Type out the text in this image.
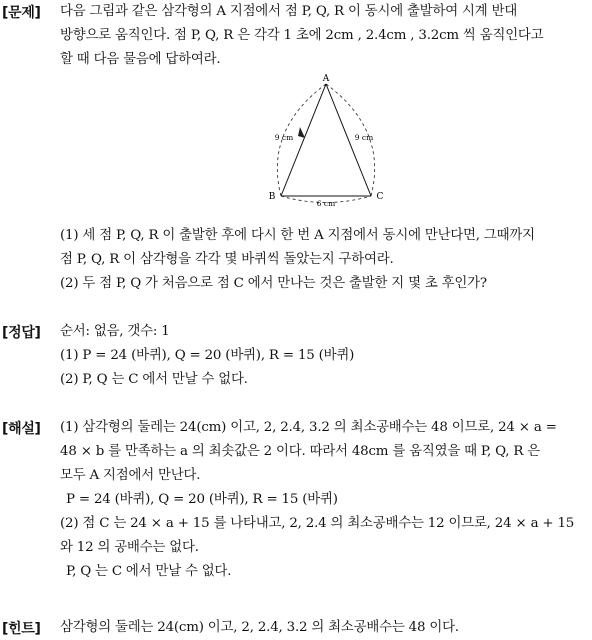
[문제] 다음 그림과 같은 삼각형의 A 지점에서 점 P, Q, R 이 동시에 출발하여 시계 반대
방향으로 움직인다. 점 P, Q, R 은 각각 1 초에 2cm , 2.4cm , 3.2cm 씩 움직인다고
할 때 다음 물음에 답하여라.
A
B	C
9 cm	9 cm
6 cm
(1) 세 점 P, Q, R 이 출발한 후에 다시 한 번 A 지점에서 동시에 만난다면, 그때까지
점 P, Q, R 이 삼각형을 각각 몇 바퀴씩 돌았는지 구하여라.
(2) 두 점 P, Q 가 처음으로 점 C 에서 만나는 것은 출발한 지 몇 초 후인가?
[정답] 순서: 없음, 갯수: 1
(1) P = 24 (바퀴), Q = 20 (바퀴), R = 15 (바퀴)
(2) P, Q 는 C 에서 만날 수 없다.
[해설] (1) 삼각형의 둘레는 24(cm) 이고, 2, 2.4, 3.2 의 최소공배수는 48 이므로, 24 × a =
48 × b 를 만족하는 a 의 최솟값은 2 이다. 따라서 48cm 를 움직였을 때 P, Q, R 은
모두 A 지점에서 만난다.
P = 24 (바퀴), Q = 20 (바퀴), R = 15 (바퀴)
(2) 점 C 는 24 × a + 15 를 나타내고, 2, 2.4 의 최소공배수는 12 이므로, 24 × a + 15
와 12 의 공배수는 없다.
P, Q 는 C 에서 만날 수 없다.
[힌트] 삼각형의 둘레는 24(cm) 이고, 2, 2.4, 3.2 의 최소공배수는 48 이다.
